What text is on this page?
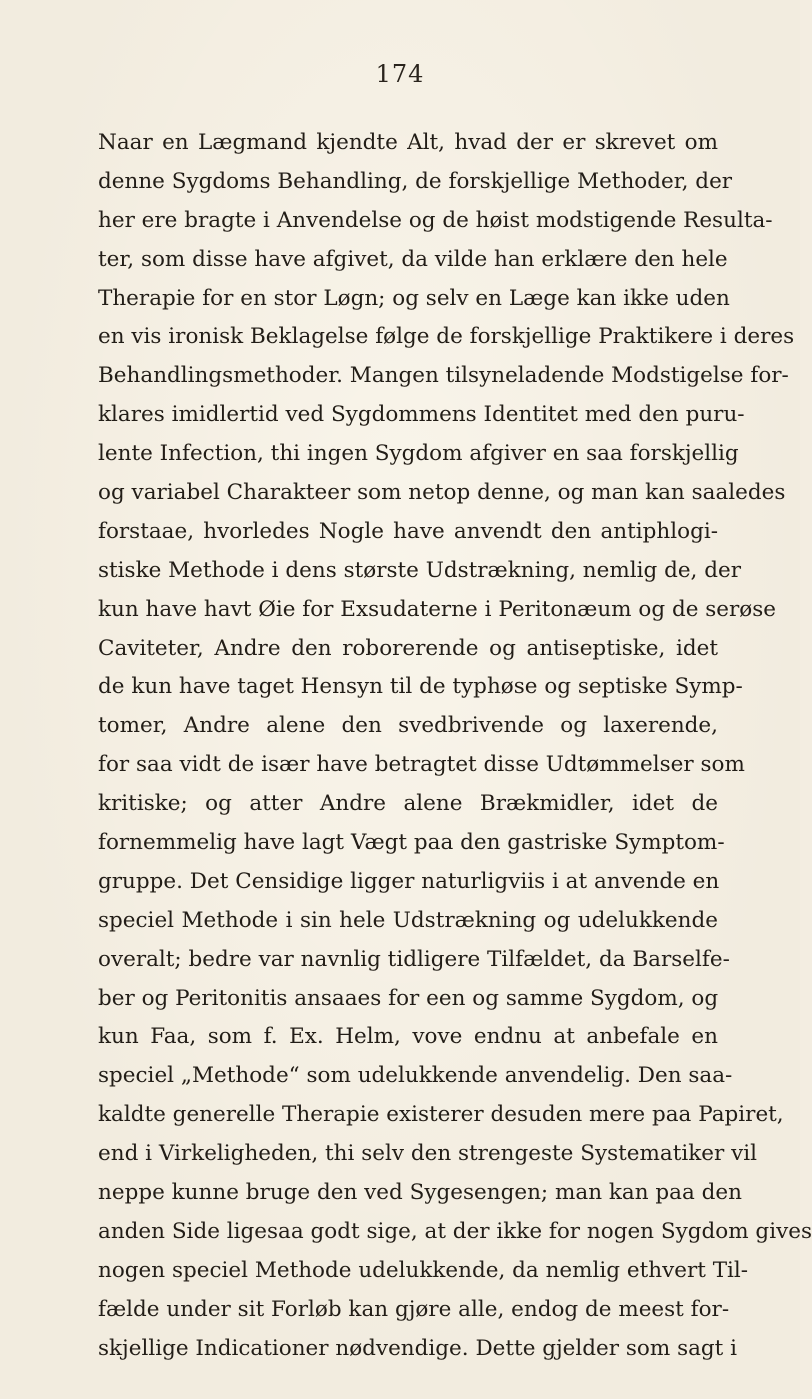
174
Naar en Lægmand kjendte Alt, hvad der er skrevet om
denne Sygdoms Behandling, de forskjellige Methoder, der
her ere bragte i Anvendelse og de høist modstigende Resulta-
ter, som disse have afgivet, da vilde han erklære den hele
Therapie for en stor Løgn; og selv en Læge kan ikke uden
en vis ironisk Beklagelse følge de forskjellige Praktikere i deres
Behandlingsmethoder. Mangen tilsyneladende Modstigelse for-
klares imidlertid ved Sygdommens Identitet med den puru-
lente Infection, thi ingen Sygdom afgiver en saa forskjellig
og variabel Charakteer som netop denne, og man kan saaledes
forstaae, hvorledes Nogle have anvendt den antiphlogi-
stiske Methode i dens største Udstrækning, nemlig de, der
kun have havt Øie for Exsudaterne i Peritonæum og de serøse
Caviteter, Andre den roborerende og antiseptiske, idet
de kun have taget Hensyn til de typhøse og septiske Symp-
tomer, Andre alene den svedbrivende og laxerende,
for saa vidt de især have betragtet disse Udtømmelser som
kritiske; og atter Andre alene Brækmidler, idet de
fornemmelig have lagt Vægt paa den gastriske Symptom-
gruppe. Det Censidige ligger naturligviis i at anvende en
speciel Methode i sin hele Udstrækning og udelukkende
overalt; bedre var navnlig tidligere Tilfældet, da Barselfe-
ber og Peritonitis ansaaes for een og samme Sygdom, og
kun Faa, som f. Ex. Helm, vove endnu at anbefale en
speciel „Methode“ som udelukkende anvendelig. Den saa-
kaldte generelle Therapie existerer desuden mere paa Papiret,
end i Virkeligheden, thi selv den strengeste Systematiker vil
neppe kunne bruge den ved Sygesengen; man kan paa den
anden Side ligesaa godt sige, at der ikke for nogen Sygdom gives
nogen speciel Methode udelukkende, da nemlig ethvert Til-
fælde under sit Forløb kan gjøre alle, endog de meest for-
skjellige Indicationer nødvendige. Dette gjelder som sagt i
